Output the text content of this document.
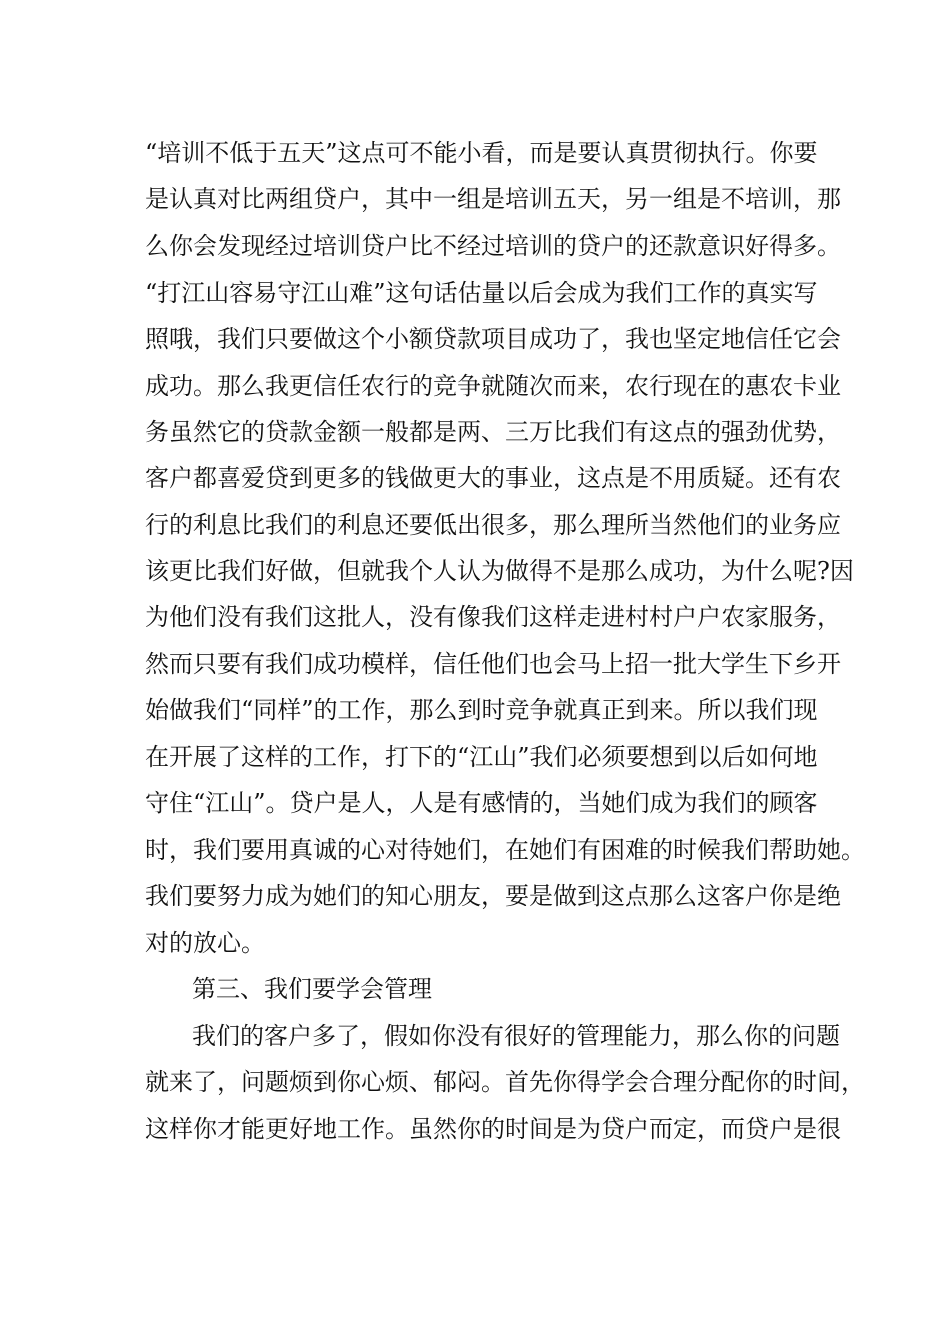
“培训不低于五天”这点可不能小看，而是要认真贯彻执行。你要
是认真对比两组贷户，其中一组是培训五天，另一组是不培训，那
么你会发现经过培训贷户比不经过培训的贷户的还款意识好得多。
“打江山容易守江山难”这句话估量以后会成为我们工作的真实写
照哦，我们只要做这个小额贷款项目成功了，我也坚定地信任它会
成功。那么我更信任农行的竞争就随次而来，农行现在的惠农卡业
务虽然它的贷款金额一般都是两、三万比我们有这点的强劲优势，
客户都喜爱贷到更多的钱做更大的事业，这点是不用质疑。还有农
行的利息比我们的利息还要低出很多，那么理所当然他们的业务应
该更比我们好做，但就我个人认为做得不是那么成功，为什么呢?因
为他们没有我们这批人，没有像我们这样走进村村户户农家服务，
然而只要有我们成功模样，信任他们也会马上招一批大学生下乡开
始做我们“同样”的工作，那么到时竞争就真正到来。所以我们现
在开展了这样的工作，打下的“江山”我们必须要想到以后如何地
守住“江山”。贷户是人，人是有感情的，当她们成为我们的顾客
时，我们要用真诚的心对待她们，在她们有困难的时候我们帮助她。
我们要努力成为她们的知心朋友，要是做到这点那么这客户你是绝
对的放心。
第三、我们要学会管理
我们的客户多了，假如你没有很好的管理能力，那么你的问题
就来了，问题烦到你心烦、郁闷。首先你得学会合理分配你的时间，
这样你才能更好地工作。虽然你的时间是为贷户而定，而贷户是很
